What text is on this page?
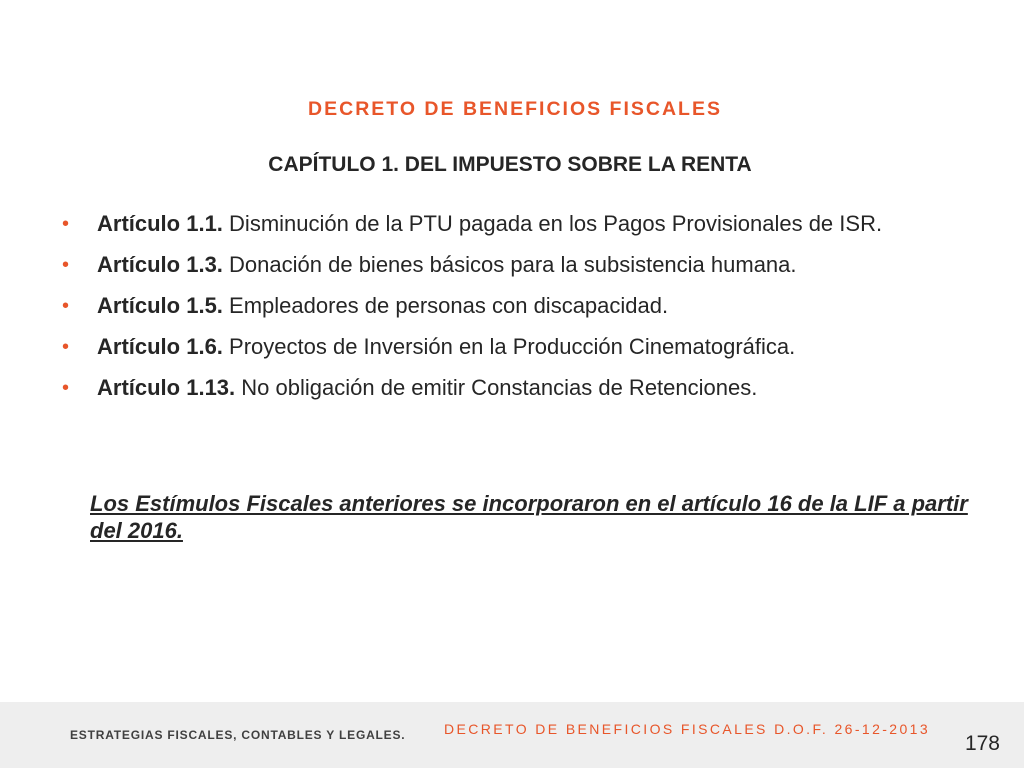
DECRETO DE BENEFICIOS FISCALES
CAPÍTULO 1. DEL IMPUESTO SOBRE LA RENTA
• Artículo 1.1. Disminución de la PTU pagada en los Pagos Provisionales de ISR.
• Artículo 1.3. Donación de bienes básicos para la subsistencia humana.
• Artículo 1.5. Empleadores de personas con discapacidad.
• Artículo 1.6. Proyectos de Inversión en la Producción Cinematográfica.
• Artículo 1.13. No obligación de emitir Constancias de Retenciones.

Los Estímulos Fiscales anteriores se incorporaron en el artículo 16 de la LIF a partir del 2016.

ESTRATEGIAS FISCALES, CONTABLES Y LEGALES.	DECRETO DE BENEFICIOS FISCALES D.O.F. 26-12-2013
178
